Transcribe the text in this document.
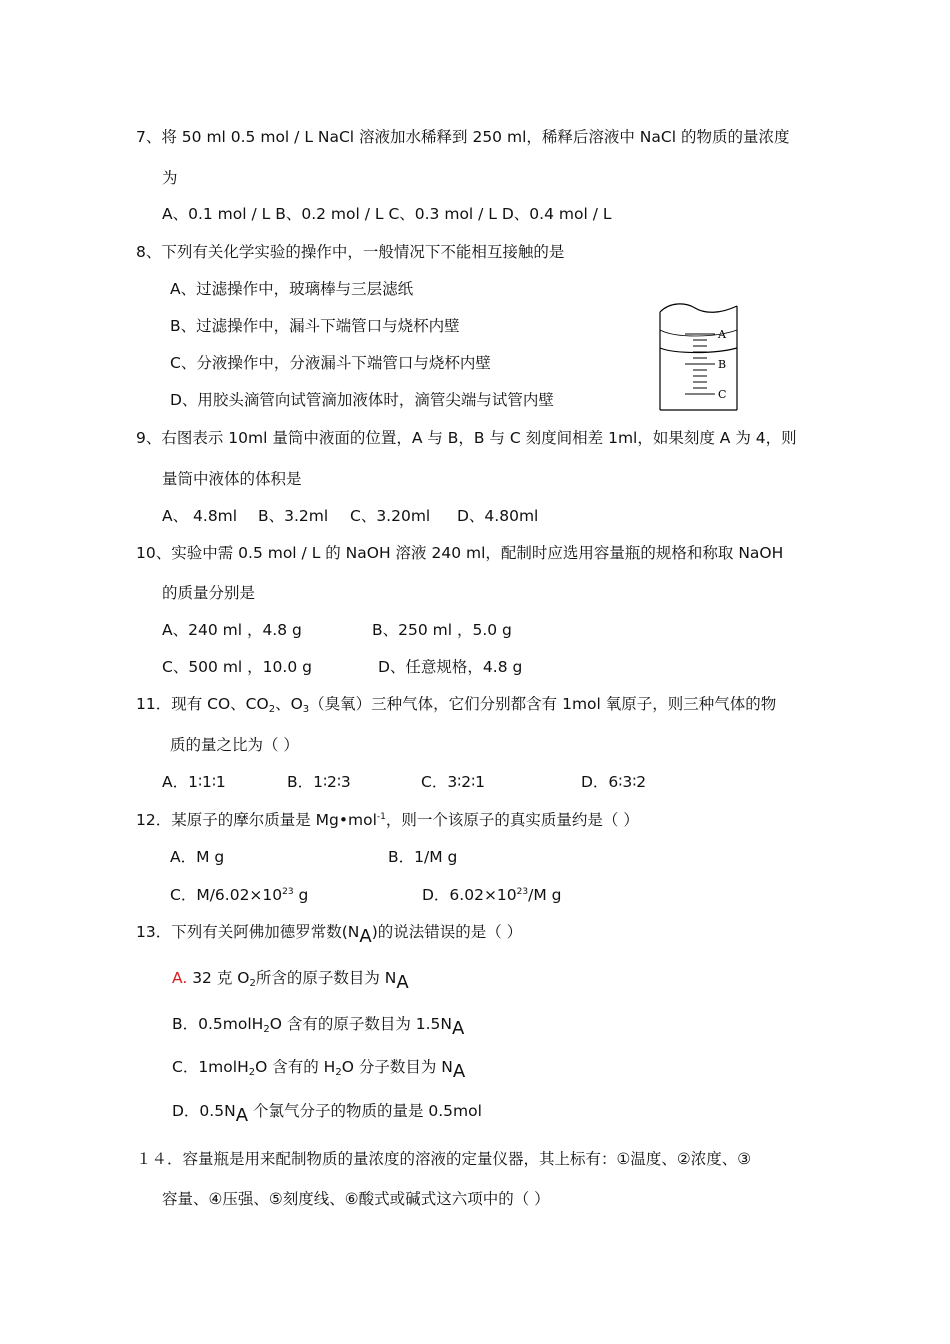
7、将 50 ml 0.5 mol / L NaCl 溶液加水稀释到 250 ml，稀释后溶液中 NaCl 的物质的量浓度
为
A、0.1 mol / L B、0.2 mol / L C、0.3 mol / L D、0.4 mol / L
8、下列有关化学实验的操作中，一般情况下不能相互接触的是
A、过滤操作中，玻璃棒与三层滤纸
B、过滤操作中，漏斗下端管口与烧杯内壁
C、分液操作中，分液漏斗下端管口与烧杯内壁
D、用胶头滴管向试管滴加液体时，滴管尖端与试管内壁
A
B
C
9、右图表示 10ml 量筒中液面的位置，A 与 B，B 与 C 刻度间相差 1ml，如果刻度 A 为 4，则
量筒中液体的体积是
A、 4.8ml B、3.2ml C、3.20ml D、4.80ml
10、实验中需 0.5 mol / L 的 NaOH 溶液 240 ml，配制时应选用容量瓶的规格和称取 NaOH
的质量分别是
A、240 ml ，4.8 g	B、250 ml ，5.0 g
C、500 ml ，10.0 g	D、任意规格，4.8 g
11．现有 CO、$CO_2$、$O_3$（臭氧）三种气体，它们分别都含有 1mol 氧原子，则三种气体的物
质的量之比为（ ）
A．1∶1∶1	B．1∶2∶3	C．3∶2∶1	D．6∶3∶2
12．某原子的摩尔质量是 Mg•mol$^{-1}$，则一个该原子的真实质量约是（ ）
A．M g	B．1/M g
C．$M/6.02\times 10^{23}$ g	D．$6.02\times 10^{23}/M$ g
13．下列有关阿佛加德罗常数(NA)的说法错误的是（ ）
A. 32 克 $O_2$所含的原子数目为 NA
B．0.5molH$_2$O 含有的原子数目为 1.5NA
C．1molH$_2$O 含有的 $H_2O$ 分子数目为 NA
D．0.5NA 个氯气分子的物质的量是 0.5mol
１４．容量瓶是用来配制物质的量浓度的溶液的定量仪器，其上标有：①温度、②浓度、③
容量、④压强、⑤刻度线、⑥酸式或碱式这六项中的（ ）
